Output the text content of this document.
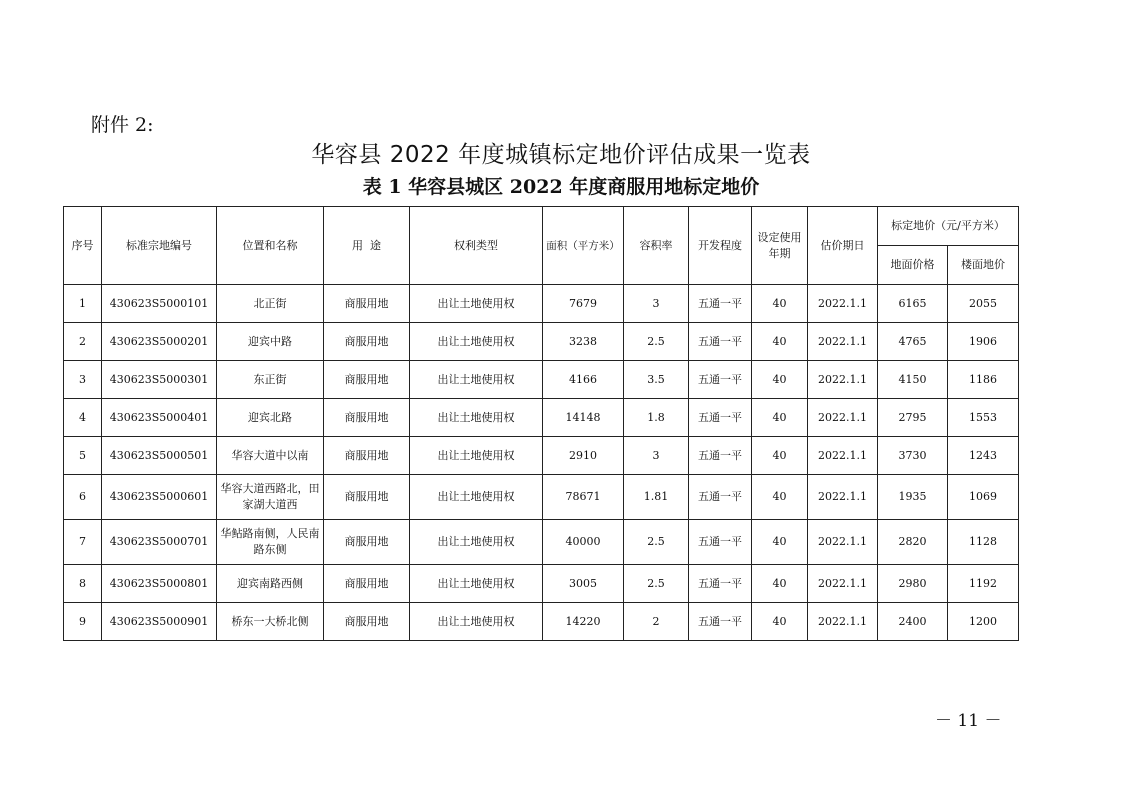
附件 2:
华容县 2022 年度城镇标定地价评估成果一览表
表 1 华容县城区 2022 年度商服用地标定地价
序号	标准宗地编号	位置和名称	用  途	权利类型	面积（平方米）	容积率	开发程度	设定使用年期	估价期日	标定地价（元/平方米）	
										地面价格	楼面地价
1	430623S5000101	北正街	商服用地	出让土地使用权	7679	3	五通一平	40	2022.1.1	6165	2055
2	430623S5000201	迎宾中路	商服用地	出让土地使用权	3238	2.5	五通一平	40	2022.1.1	4765	1906
3	430623S5000301	东正街	商服用地	出让土地使用权	4166	3.5	五通一平	40	2022.1.1	4150	1186
4	430623S5000401	迎宾北路	商服用地	出让土地使用权	14148	1.8	五通一平	40	2022.1.1	2795	1553
5	430623S5000501	华容大道中以南	商服用地	出让土地使用权	2910	3	五通一平	40	2022.1.1	3730	1243
6	430623S5000601	华容大道西路北，田家湖大道西	商服用地	出让土地使用权	78671	1.81	五通一平	40	2022.1.1	1935	1069
7	430623S5000701	华鲇路南侧，人民南路东侧	商服用地	出让土地使用权	40000	2.5	五通一平	40	2022.1.1	2820	1128
8	430623S5000801	迎宾南路西侧	商服用地	出让土地使用权	3005	2.5	五通一平	40	2022.1.1	2980	1192
9	430623S5000901	桥东一大桥北侧	商服用地	出让土地使用权	14220	2	五通一平	40	2022.1.1	2400	1200
－ 11 －
